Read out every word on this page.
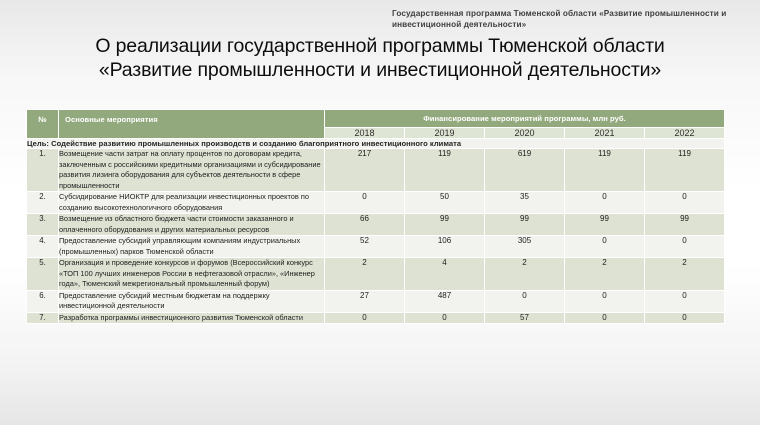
Государственная программа Тюменской области «Развитие промышленности и инвестиционной деятельности»
О реализации государственной программы Тюменской области
«Развитие промышленности и инвестиционной деятельности»
№	Основные мероприятия	Финансирование мероприятий программы, млн руб.				
		2018	2019	2020	2021	2022
Цель: Содействие развитию промышленных производств и созданию благоприятного инвестиционного климата						
1.	Возмещение части затрат на оплату процентов по договорам кредита, заключенным с российскими кредитными организациями и субсидирование развития лизинга оборудования для субъектов деятельности в сфере промышленности	217	119	619	119	119
2.	Субсидирование НИОКТР для реализации инвестиционных проектов по созданию высокотехнологичного оборудования	0	50	35	0	0
3.	Возмещение из областного бюджета части стоимости заказанного и оплаченного оборудования и других материальных ресурсов	66	99	99	99	99
4.	Предоставление субсидий управляющим компаниям индустриальных (промышленных) парков Тюменской области	52	106	305	0	0
5.	Организация и проведение конкурсов и форумов (Всероссийский конкурс «ТОП 100 лучших инженеров России в нефтегазовой отрасли», «Инженер года», Тюменский межрегиональный промышленный форум)	2	4	2	2	2
6.	Предоставление субсидий местным бюджетам на поддержку инвестиционной деятельности	27	487	0	0	0
7.	Разработка программы инвестиционного развития Тюменской области	0	0	57	0	0
